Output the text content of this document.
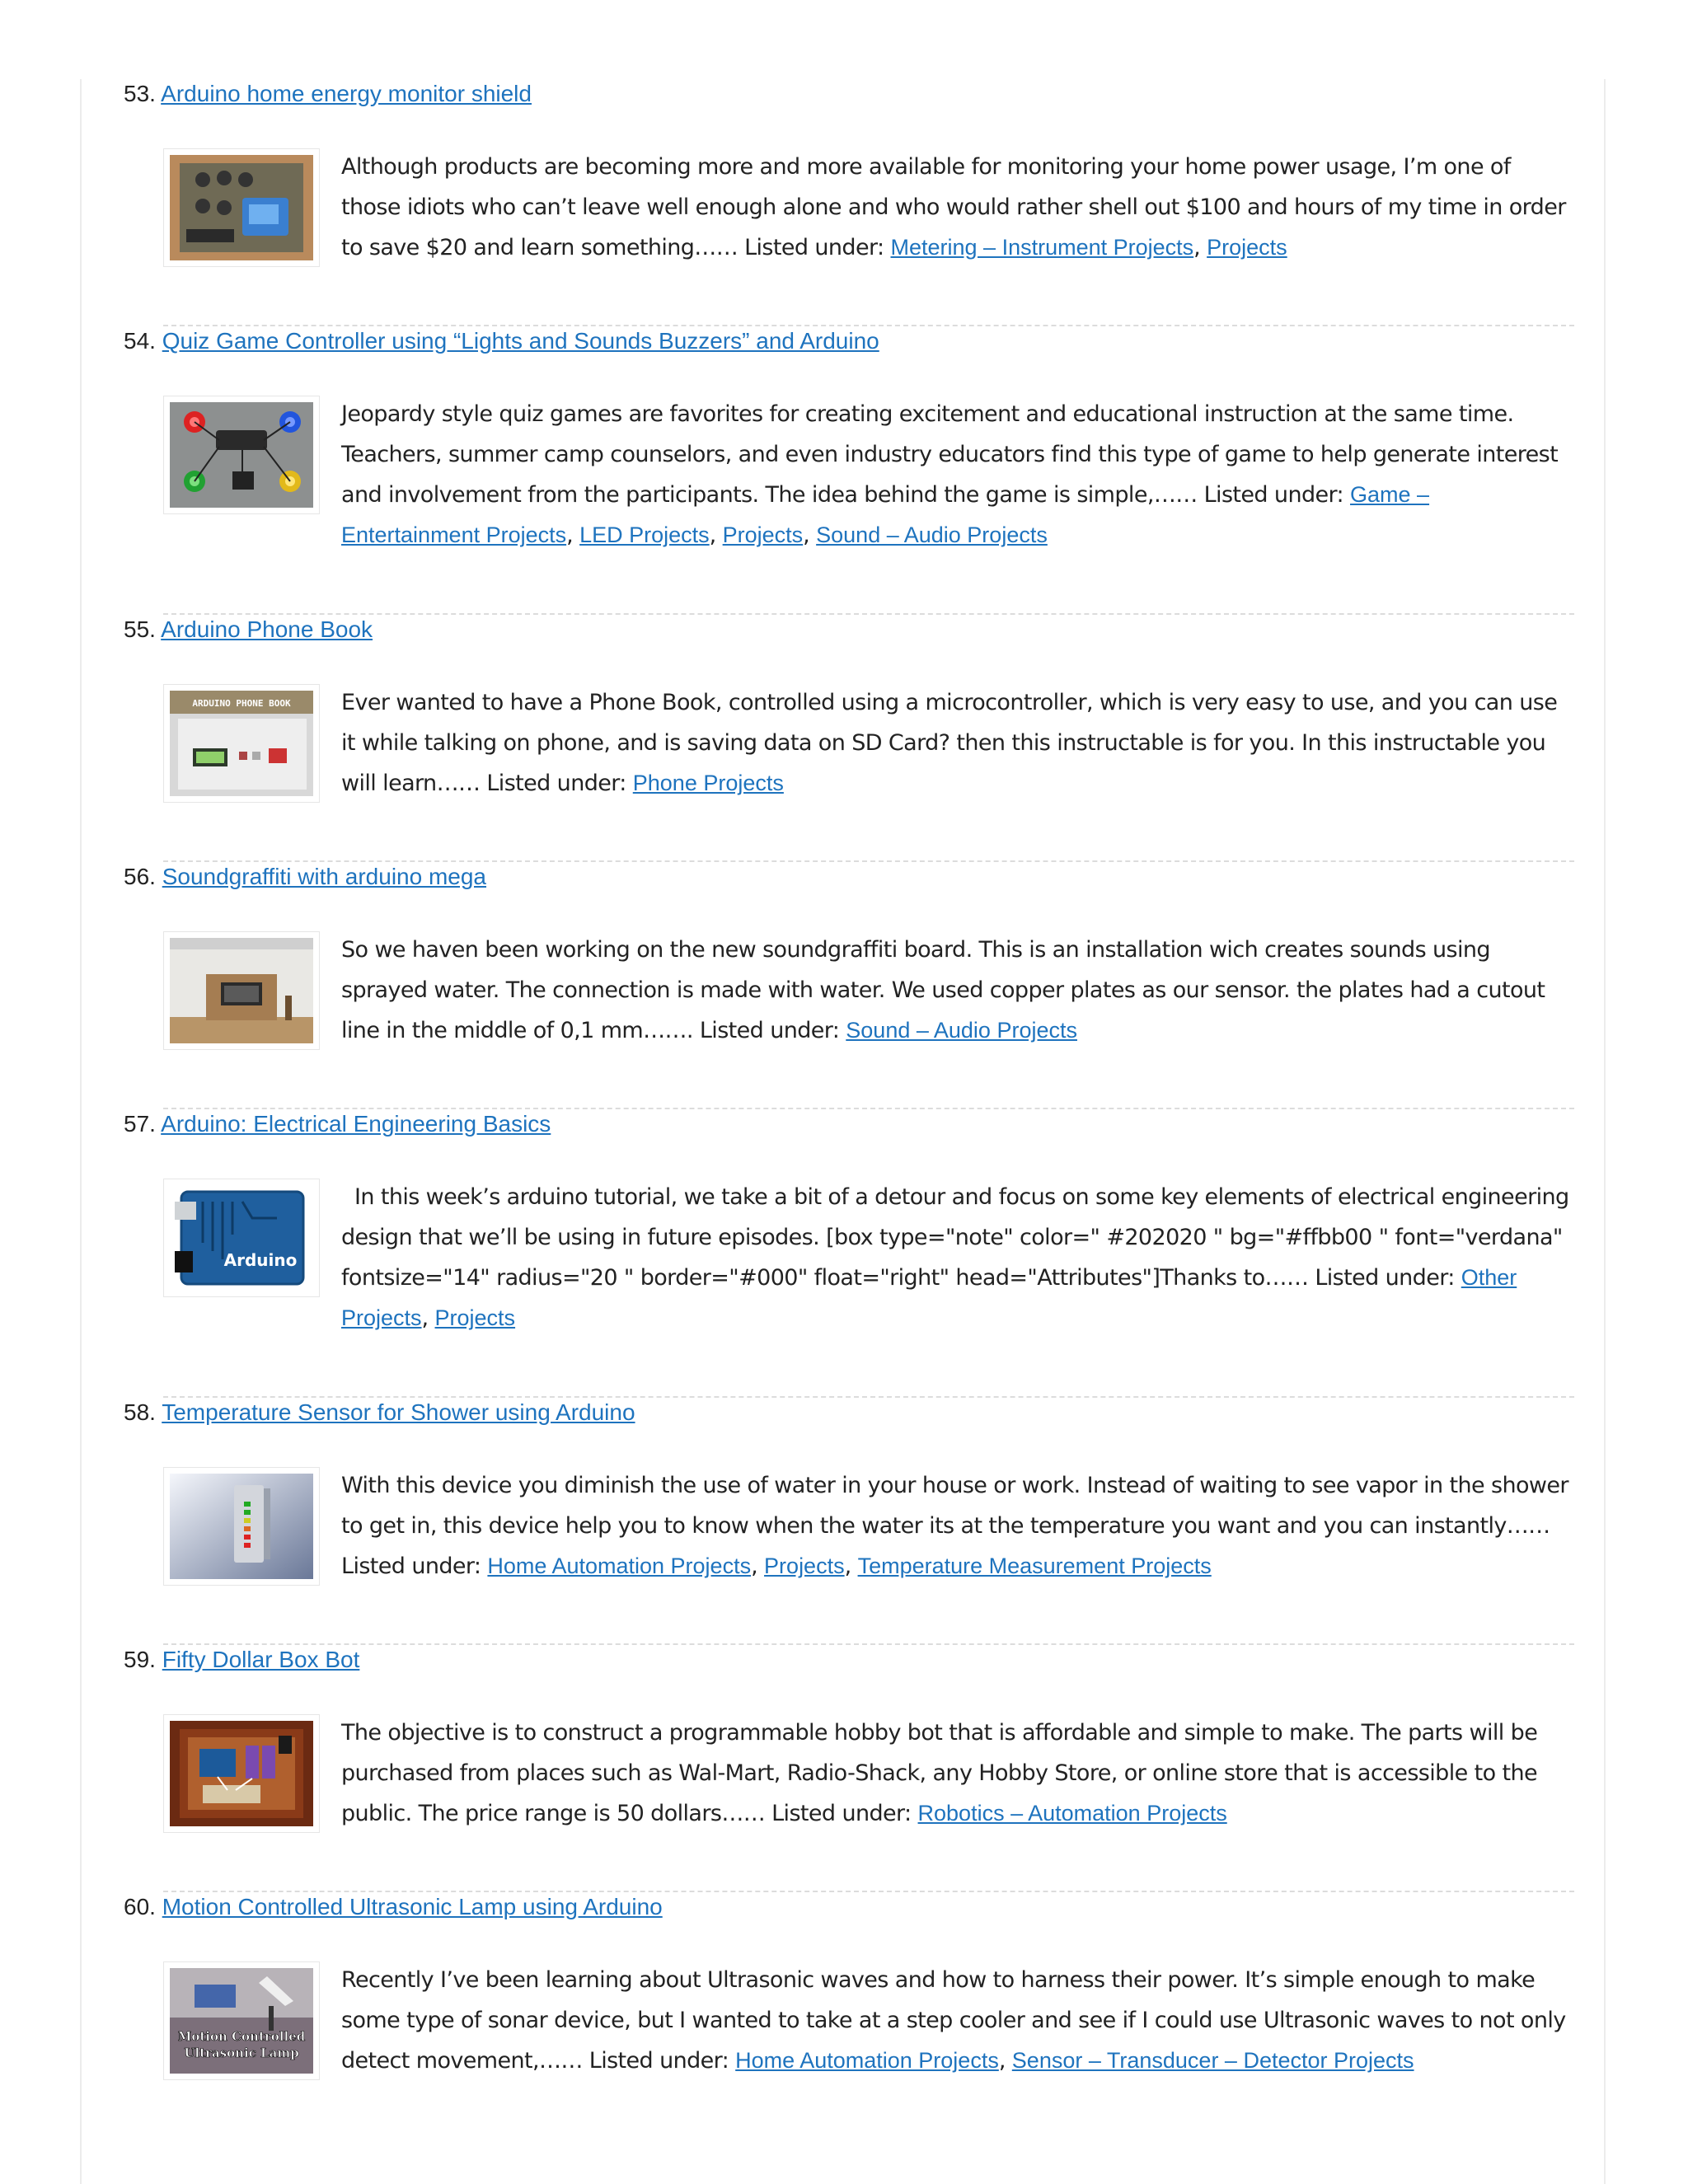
53. Arduino home energy monitor shield
Although products are becoming more and more available for monitoring your home power usage, I’m one of those idiots who can’t leave well enough alone and who would rather shell out $100 and hours of my time in order to save $20 and learn something…… Listed under: Metering – Instrument Projects, Projects
54. Quiz Game Controller using “Lights and Sounds Buzzers” and Arduino
Jeopardy style quiz games are favorites for creating excitement and educational instruction at the same time. Teachers, summer camp counselors, and even industry educators find this type of game to help generate interest and involvement from the participants. The idea behind the game is simple,…… Listed under: Game – Entertainment Projects, LED Projects, Projects, Sound – Audio Projects
55. Arduino Phone Book
ARDUINO PHONE BOOK Ever wanted to have a Phone Book, controlled using a microcontroller, which is very easy to use, and you can use it while talking on phone, and is saving data on SD Card? then this instructable is for you. In this instructable you will learn…… Listed under: Phone Projects
56. Soundgraffiti with arduino mega
So we haven been working on the new soundgraffiti board. This is an installation wich creates sounds using sprayed water. The connection is made with water. We used copper plates as our sensor. the plates had a cutout line in the middle of 0,1 mm……. Listed under: Sound – Audio Projects
57. Arduino: Electrical Engineering Basics
Arduino
In this week’s arduino tutorial, we take a bit of a detour and focus on some key elements of electrical engineering design that we’ll be using in future episodes. [box type="note" color=" #202020 " bg="#ffbb00 " font="verdana" fontsize="14" radius="20 " border="#000" float="right" head="Attributes"]Thanks to…… Listed under: Other Projects, Projects
58. Temperature Sensor for Shower using Arduino
With this device you diminish the use of water in your house or work. Instead of waiting to see vapor in the shower to get in, this device help you to know when the water its at the temperature you want and you can instantly…… Listed under: Home Automation Projects, Projects, Temperature Measurement Projects
59. Fifty Dollar Box Bot
The objective is to construct a programmable hobby bot that is affordable and simple to make. The parts will be purchased from places such as Wal-Mart, Radio-Shack, any Hobby Store, or online store that is accessible to the public. The price range is 50 dollars…… Listed under: Robotics – Automation Projects
60. Motion Controlled Ultrasonic Lamp using Arduino
Motion Controlled
Ultrasonic Lamp
Recently I’ve been learning about Ultrasonic waves and how to harness their power. It’s simple enough to make some type of sonar device, but I wanted to take at a step cooler and see if I could use Ultrasonic waves to not only detect movement,…… Listed under: Home Automation Projects, Sensor – Transducer – Detector Projects
